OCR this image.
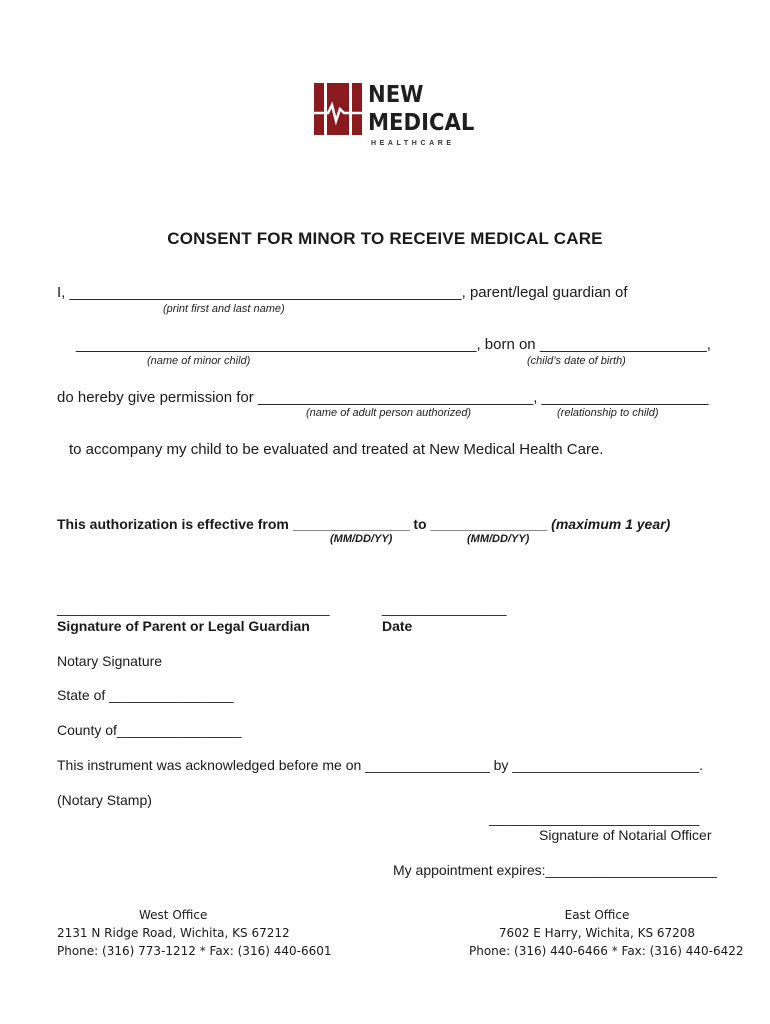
NEW
MEDICAL
HEALTHCARE
CONSENT FOR MINOR TO RECEIVE MEDICAL CARE
I, _______________________________________________, parent/legal guardian of
(print first and last name)
________________________________________________, born on ____________________,
(name of minor child)	(child’s date of birth)
do hereby give permission for _________________________________, ____________________
(name of adult person authorized)	(relationship to child)
to accompany my child to be evaluated and treated at New Medical Health Care.
This authorization is effective from _______________ to _______________ (maximum 1 year)
(MM/DD/YY)	(MM/DD/YY)
___________________________________	________________
Signature of Parent or Legal Guardian	Date
Notary Signature
State of ________________
County of________________
This instrument was acknowledged before me on ________________ by ________________________.
(Notary Stamp)
___________________________
Signature of Notarial Officer
My appointment expires:______________________
West Office
2131 N Ridge Road, Wichita, KS 67212
Phone: (316) 773-1212 * Fax: (316) 440-6601
East Office
7602 E Harry, Wichita, KS 67208
Phone: (316) 440-6466 * Fax: (316) 440-6422
